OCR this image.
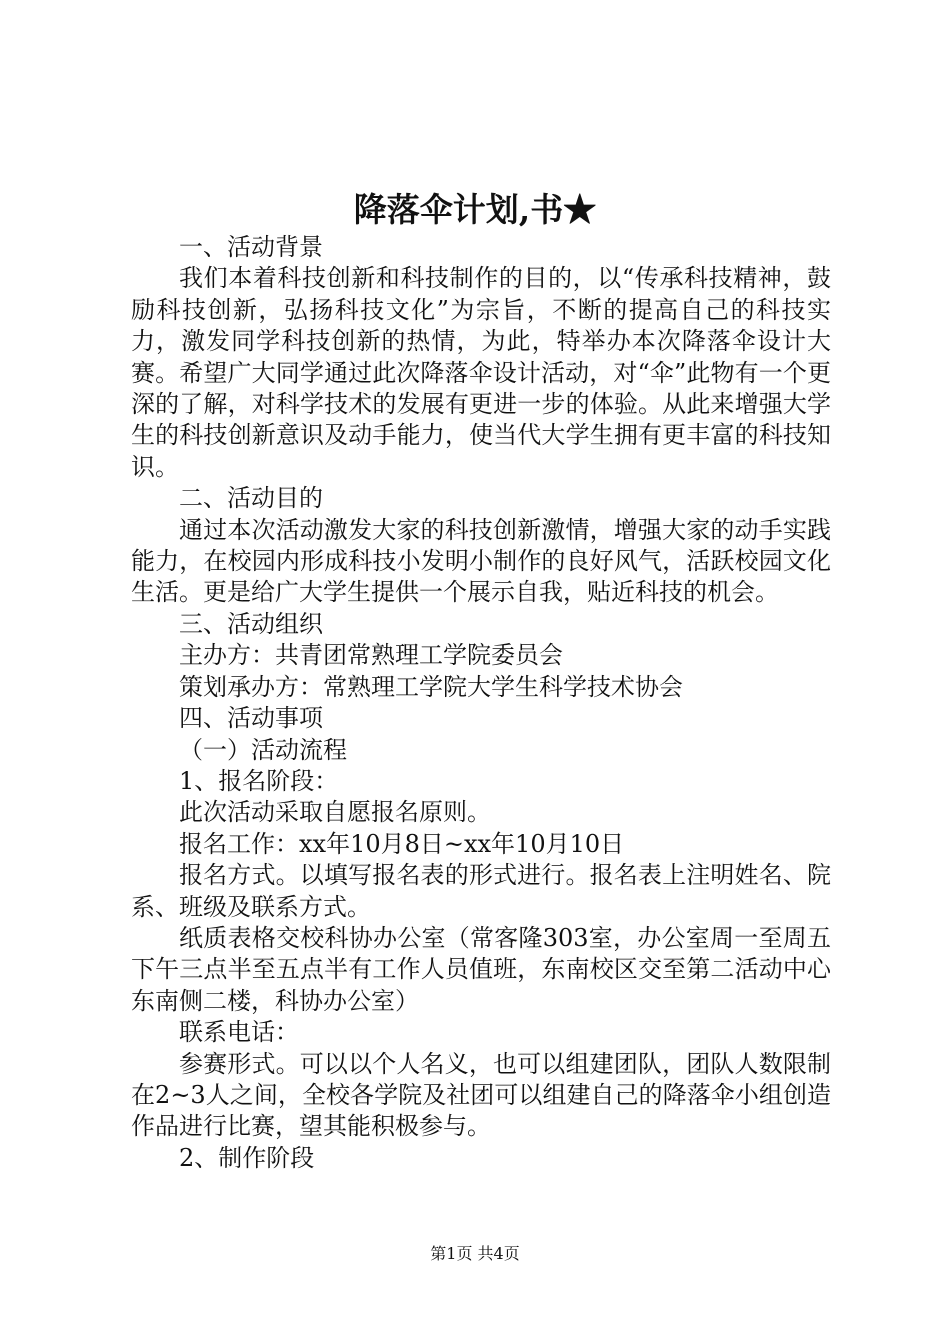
降落伞计划,书★

一、活动背景

我们本着科技创新和科技制作的目的，以“传承科技精神，鼓励科技创新，弘扬科技文化”为宗旨，不断的提高自己的科技实力，激发同学科技创新的热情，为此，特举办本次降落伞设计大赛。希望广大同学通过此次降落伞设计活动，对“伞”此物有一个更深的了解，对科学技术的发展有更进一步的体验。从此来增强大学生的科技创新意识及动手能力，使当代大学生拥有更丰富的科技知识。

二、活动目的

通过本次活动激发大家的科技创新激情，增强大家的动手实践能力，在校园内形成科技小发明小制作的良好风气，活跃校园文化生活。更是给广大学生提供一个展示自我，贴近科技的机会。

三、活动组织

主办方：共青团常熟理工学院委员会

策划承办方：常熟理工学院大学生科学技术协会

四、活动事项

（一）活动流程

1、报名阶段：

此次活动采取自愿报名原则。

报名工作：xx年10月8日~xx年10月10日

报名方式。以填写报名表的形式进行。报名表上注明姓名、院系、班级及联系方式。

纸质表格交校科协办公室（常客隆303室，办公室周一至周五下午三点半至五点半有工作人员值班，东南校区交至第二活动中心东南侧二楼，科协办公室）

联系电话：

参赛形式。可以以个人名义，也可以组建团队，团队人数限制在2~3人之间，全校各学院及社团可以组建自己的降落伞小组创造作品进行比赛，望其能积极参与。

2、制作阶段

第1页 共4页
